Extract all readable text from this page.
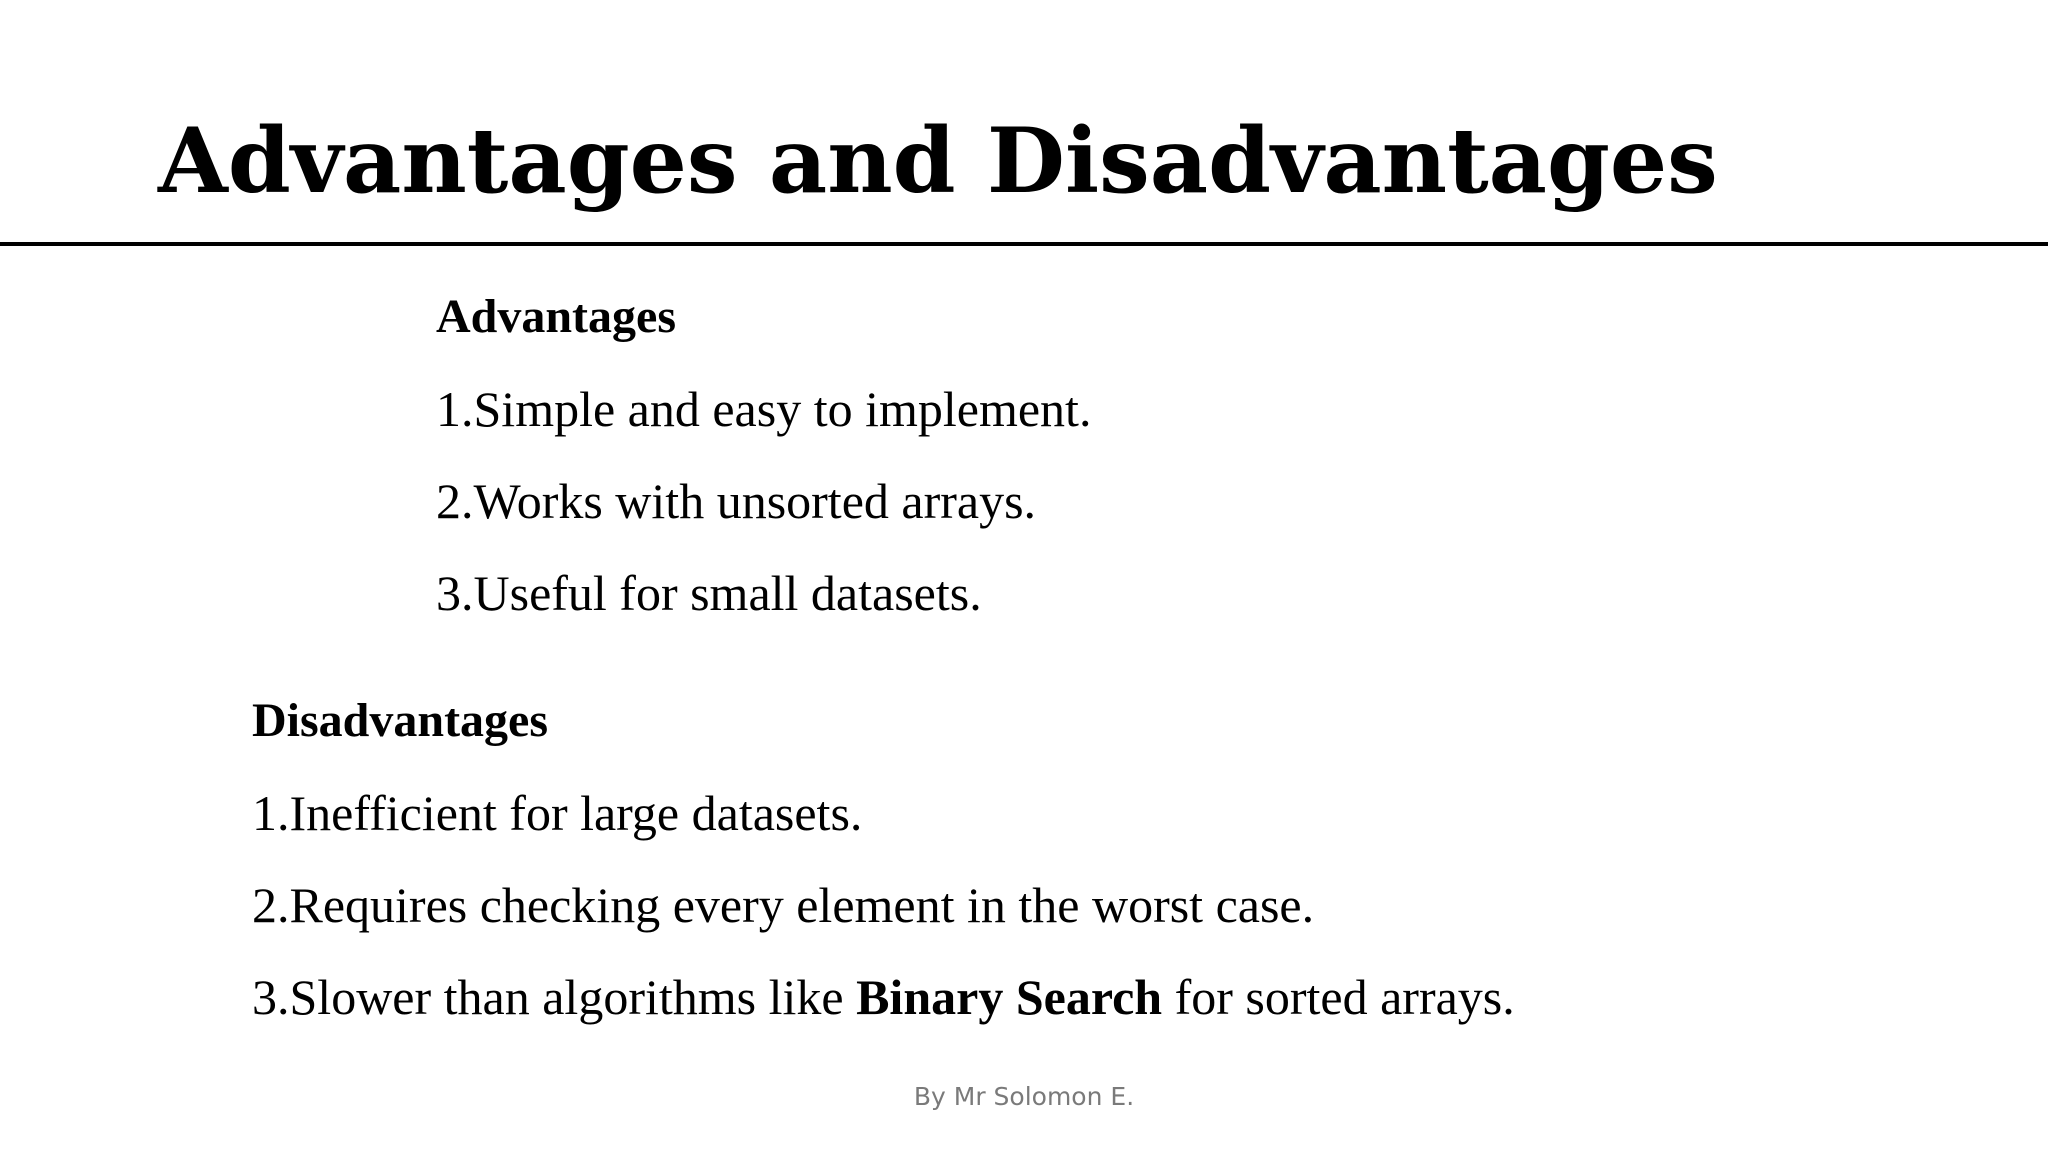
Advantages and Disadvantages
Advantages
1.Simple and easy to implement.
2.Works with unsorted arrays.
3.Useful for small datasets.
Disadvantages
1.Inefficient for large datasets.
2.Requires checking every element in the worst case.
3.Slower than algorithms like Binary Search for sorted arrays.
By Mr Solomon E.
